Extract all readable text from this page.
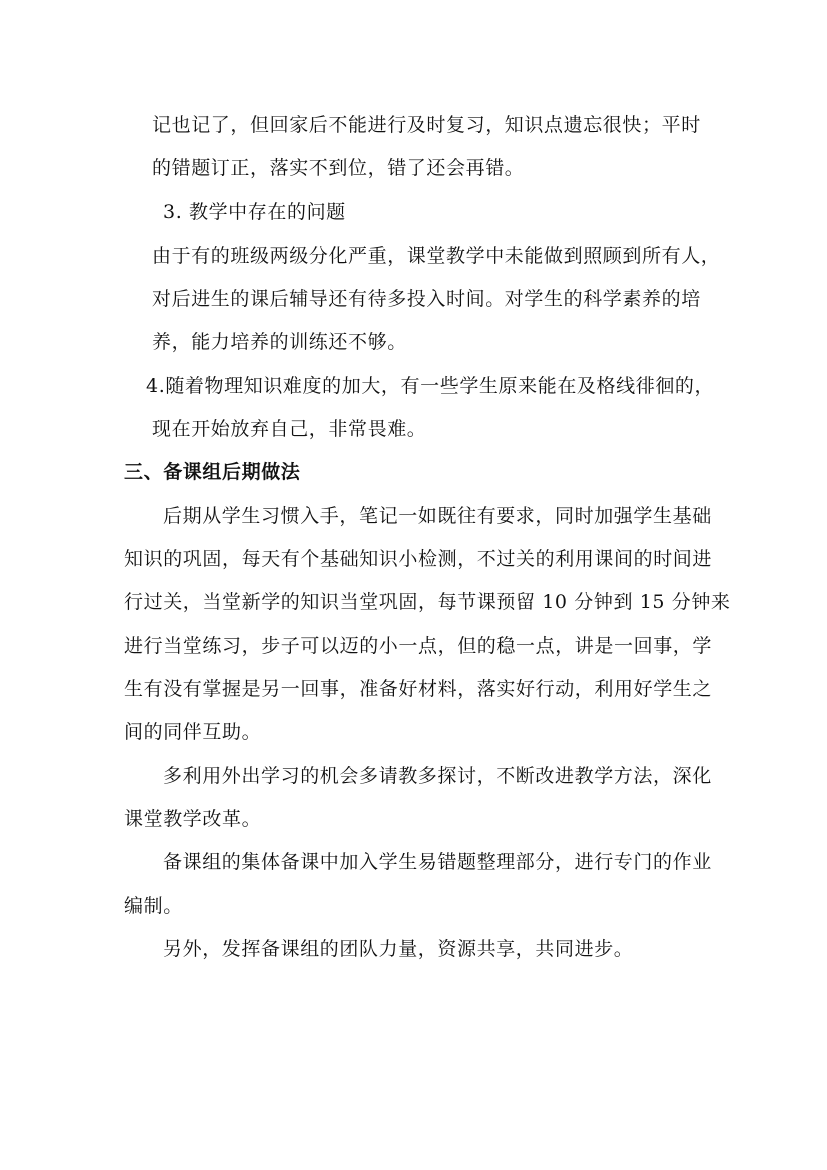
记也记了，但回家后不能进行及时复习，知识点遗忘很快；平时
的错题订正，落实不到位，错了还会再错。
3. 教学中存在的问题
由于有的班级两级分化严重，课堂教学中未能做到照顾到所有人，
对后进生的课后辅导还有待多投入时间。对学生的科学素养的培
养，能力培养的训练还不够。
4.随着物理知识难度的加大，有一些学生原来能在及格线徘徊的，
现在开始放弃自己，非常畏难。
三、备课组后期做法
后期从学生习惯入手，笔记一如既往有要求，同时加强学生基础
知识的巩固，每天有个基础知识小检测，不过关的利用课间的时间进
行过关，当堂新学的知识当堂巩固，每节课预留 10 分钟到 15 分钟来
进行当堂练习，步子可以迈的小一点，但的稳一点，讲是一回事，学
生有没有掌握是另一回事，准备好材料，落实好行动，利用好学生之
间的同伴互助。
多利用外出学习的机会多请教多探讨，不断改进教学方法，深化
课堂教学改革。
备课组的集体备课中加入学生易错题整理部分，进行专门的作业
编制。
另外，发挥备课组的团队力量，资源共享，共同进步。
